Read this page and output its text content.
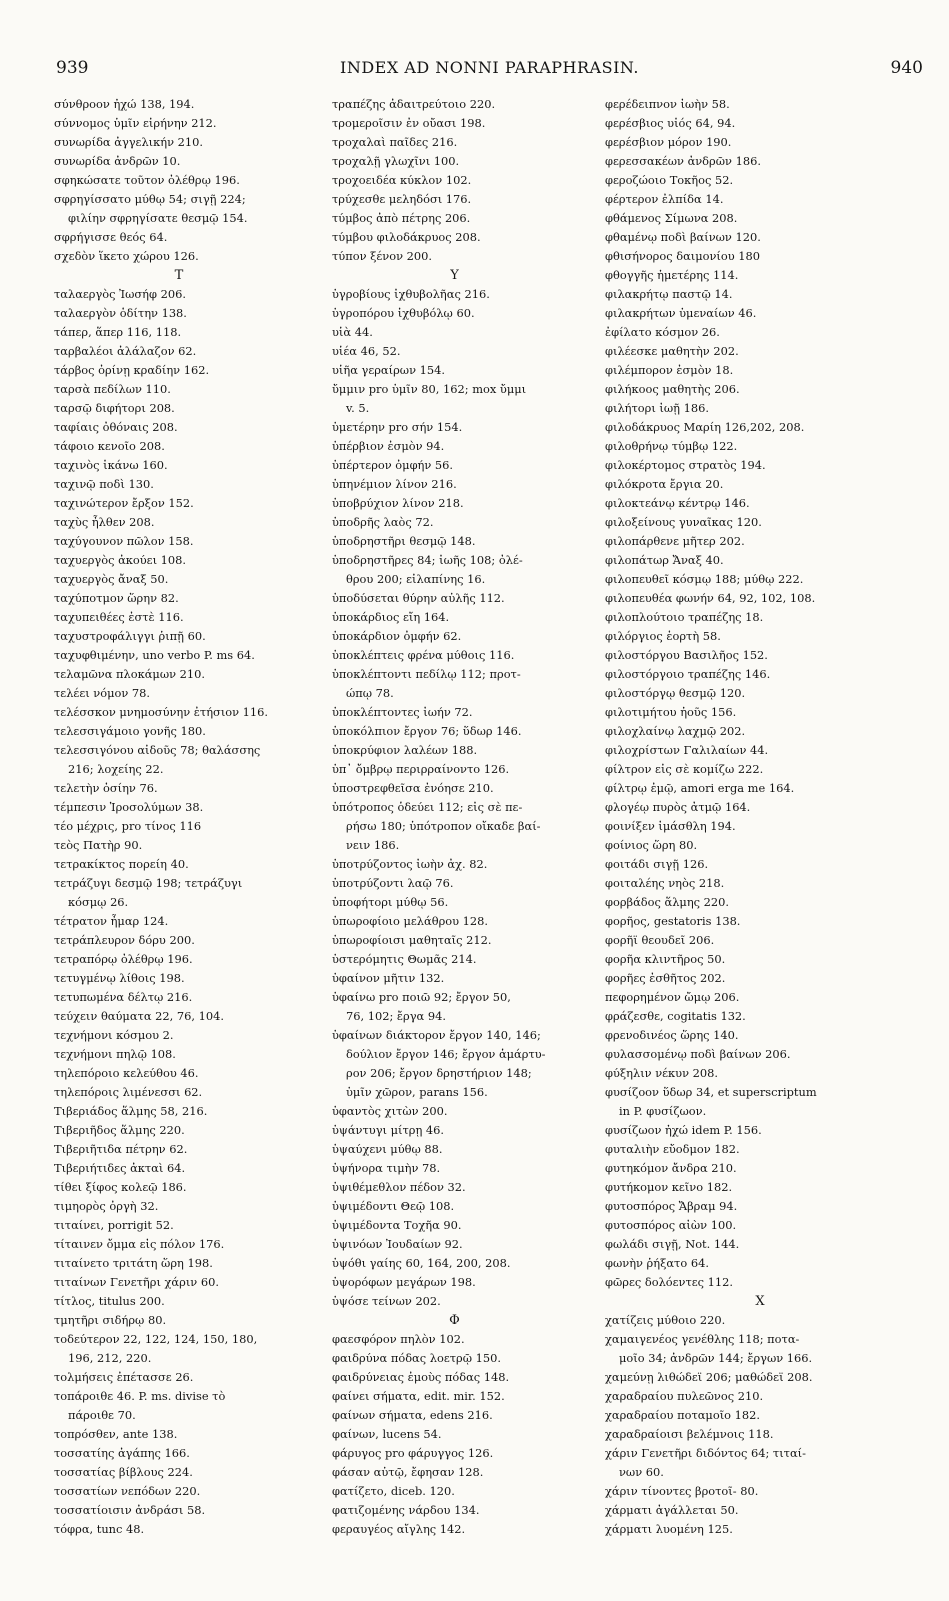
939	INDEX AD NONNI PARAPHRASIN.	940
σύνθροον ἠχώ 138, 194.
σύννομος ὑμῖν εἰρήνην 212.
συνωρίδα ἀγγελικήν 210.
συνωρίδα ἀνδρῶν 10.
σφηκώσατε τοῦτον ὀλέθρῳ 196.
σφρηγίσσατο μύθῳ 54; σιγῇ 224;
φιλίην σφρηγίσατε θεσμῷ 154.
σφρήγισσε θεός 64.
σχεδὸν ἵκετο χώρου 126.
T
ταλαεργὸς Ἰωσήφ 206.
ταλαεργὸν ὁδίτην 138.
τάπερ, ἅπερ 116, 118.
ταρβαλέοι ἀλάλαζον 62.
τάρβος ὀρίνῃ κραδίην 162.
ταρσὰ πεδίλων 110.
ταρσῷ διφήτορι 208.
ταφίαις ὀθόναις 208.
τάφοιο κενοῖο 208.
ταχινὸς ἱκάνω 160.
ταχινῷ ποδὶ 130.
ταχινώτερον ἔρξον 152.
ταχὺς ἦλθεν 208.
ταχύγουνον πῶλον 158.
ταχυεργὸς ἀκούει 108.
ταχυεργὸς ἄναξ 50.
ταχύποτμον ὥρην 82.
ταχυπειθέες ἐστὲ 116.
ταχυστροφάλιγγι ῥιπῇ 60.
ταχυφθιμένην, uno verbo P. ms 64.
τελαμῶνα πλοκάμων 210.
τελέει νόμον 78.
τελέσσκον μνημοσύνην ἐτήσιον 116.
τελεσσιγάμοιο γονῆς 180.
τελεσσιγόνου αἰδοῦς 78; θαλάσσης
216; λοχείης 22.
τελετὴν ὁσίην 76.
τέμπεσιν Ἱροσολύμων 38.
τέο μέχρις, pro τίνος 116
τεὸς Πατὴρ 90.
τετρακίκτος πορείη 40.
τετράζυγι δεσμῷ 198; τετράζυγι
κόσμῳ 26.
τέτρατον ἦμαρ 124.
τετράπλευρον δόρυ 200.
τετραπόρῳ ὀλέθρῳ 196.
τετυγμένῳ λίθοις 198.
τετυπωμένα δέλτῳ 216.
τεύχειν θαύματα 22, 76, 104.
τεχνήμονι κόσμου 2.
τεχνήμονι πηλῷ 108.
τηλεπόροιο κελεύθου 46.
τηλεπόροις λιμένεσσι 62.
Τιβεριάδος ἅλμης 58, 216.
Τιβεριῆδος ἅλμης 220.
Τιβεριῆτιδα πέτρην 62.
Τιβεριήτιδες ἀκταὶ 64.
τίθει ξίφος κολεῷ 186.
τιμηορὸς ὀργὴ 32.
τιταίνει, porrigit 52.
τίταινεν ὄμμα εἰς πόλον 176.
τιταίνετο τριτάτη ὥρη 198.
τιταίνων Γενετῆρι χάριν 60.
τίτλος, titulus 200.
τμητῆρι σιδήρῳ 80.
τοδεύτερον 22, 122, 124, 150, 180,
196, 212, 220.
τολμήσεις ἐπέτασσε 26.
τοπάροιθε 46. P. ms. divise τὸ
πάροιθε 70.
τοπρόσθεν, ante 138.
τοσσατίης ἀγάπης 166.
τοσσατίας βίβλους 224.
τοσσατίων νεπόδων 220.
τοσσατίοισιν ἀνδράσι 58.
τόφρα, tunc 48.
τραπέζης ἀδαιτρεύτοιο 220.
τρομεροῖσιν ἐν οὔασι 198.
τροχαλαὶ παῖδες 216.
τροχαλῇ γλωχῖνι 100.
τροχοειδέα κύκλον 102.
τρύχεσθε μεληδόσι 176.
τύμβος ἀπὸ πέτρης 206.
τύμβου φιλοδάκρυος 208.
τύπον ξένον 200.
Υ
ὑγροβίους ἰχθυβολῆας 216.
ὑγροπόρου ἰχθυβόλῳ 60.
υἱὰ 44.
υἱέα 46, 52.
υἱῆα γεραίρων 154.
ὔμμιν pro ὑμῖν 80, 162; mox ὔμμι
v. 5.
ὑμετέρην pro σήν 154.
ὑπέρβιον ἐσμὸν 94.
ὑπέρτερον ὀμφήν 56.
ὑπηνέμιον λίνον 216.
ὑποβρύχιον λίνον 218.
ὑποδρῆς λαὸς 72.
ὑποδρηστῆρι θεσμῷ 148.
ὑποδρηστῆρες 84; ἰωῆς 108; ὀλέ-
θρου 200; εἰλαπίνης 16.
ὑποδύσεται θύρην αὐλῆς 112.
ὑποκάρδιος εἴη 164.
ὑποκάρδιον ὀμφήν 62.
ὑποκλέπτεις φρένα μύθοις 116.
ὑποκλέπτοντι πεδίλῳ 112; προτ-
ώπῳ 78.
ὑποκλέπτοντες ἰωήν 72.
ὑποκόλπιον ἔργον 76; ὕδωρ 146.
ὑποκρύφιον λαλέων 188.
ὑπ᾽ ὄμβρῳ περιρραίνοντο 126.
ὑποστρεφθεῖσα ἐνόησε 210.
ὑπότροπος ὁδεύει 112; εἰς σὲ πε-
ρήσω 180; ὑπότροπον οἴκαδε βαί-
νειν 186.
ὑποτρύζοντος ἰωὴν ἀχ. 82.
ὑποτρύζοντι λαῷ 76.
ὑποφήτορι μύθῳ 56.
ὑπωροφίοιο μελάθρου 128.
ὑπωροφίοισι μαθηταῖς 212.
ὑστερόμητις Θωμᾶς 214.
ὑφαίνον μῆτιν 132.
ὑφαίνω pro ποιῶ 92; ἔργον 50,
76, 102; ἔργα 94.
ὑφαίνων διάκτορον ἔργον 140, 146;
δούλιον ἔργον 146; ἔργον ἁμάρτυ-
ρον 206; ἔργον δρηστήριον 148;
ὑμῖν χῶρον, parans 156.
ὑφαντὸς χιτὼν 200.
ὑψάντυγι μίτρῃ 46.
ὑψαύχενι μύθῳ 88.
ὑψήνορα τιμὴν 78.
ὑψιθέμεθλον πέδον 32.
ὑψιμέδοντι Θεῷ 108.
ὑψιμέδοντα Τοχῆα 90.
ὑψινόων Ἰουδαίων 92.
ὑψόθι γαίης 60, 164, 200, 208.
ὑψορόφων μεγάρων 198.
ὑψόσε τείνων 202.
Φ
φαεσφόρον πηλὸν 102.
φαιδρύνα πόδας λοετρῷ 150.
φαιδρύνειας ἐμοὺς πόδας 148.
φαίνει σήματα, edit. mir. 152.
φαίνων σήματα, edens 216.
φαίνων, lucens 54.
φάρυγος pro φάρυγγος 126.
φάσαν αὐτῷ, ἔφησαν 128.
φατίζετο, diceb. 120.
φατιζομένης νάρδου 134.
φεραυγέος αἴγλης 142.
φερέδειπνον ἰωὴν 58.
φερέσβιος υἱός 64, 94.
φερέσβιον μόρον 190.
φερεσσακέων ἀνδρῶν 186.
φεροζώοιο Τοκῆος 52.
φέρτερον ἐλπίδα 14.
φθάμενος Σίμωνα 208.
φθαμένῳ ποδὶ βαίνων 120.
φθισήνορος δαιμονίου 180
φθογγῆς ἡμετέρης 114.
φιλακρήτῳ παστῷ 14.
φιλακρήτων ὑμεναίων 46.
ἐφίλατο κόσμον 26.
φιλέεσκε μαθητὴν 202.
φιλέμπορον ἐσμὸν 18.
φιλήκοος μαθητὴς 206.
φιλήτορι ἰωῇ 186.
φιλοδάκρυος Μαρίη 126,202, 208.
φιλοθρήνῳ τύμβῳ 122.
φιλοκέρτομος στρατὸς 194.
φιλόκροτα ἔργια 20.
φιλοκτεάνῳ κέντρῳ 146.
φιλοξείνους γυναῖκας 120.
φιλοπάρθενε μῆτερ 202.
φιλοπάτωρ Ἄναξ 40.
φιλοπευθεῖ κόσμῳ 188; μύθῳ 222.
φιλοπευθέα φωνήν 64, 92, 102, 108.
φιλοπλούτοιο τραπέζης 18.
φιλόργιος ἑορτὴ 58.
φιλοστόργου Βασιλῆος 152.
φιλοστόργοιο τραπέζης 146.
φιλοστόργῳ θεσμῷ 120.
φιλοτιμήτου ἠοῦς 156.
φιλοχλαίνῳ λαχμῷ 202.
φιλοχρίστων Γαλιλαίων 44.
φίλτρον εἰς σὲ κομίζω 222.
φίλτρῳ ἐμῷ, amori erga me 164.
φλογέῳ πυρὸς ἀτμῷ 164.
φοινίξεν ἱμάσθλη 194.
φοίνιος ὥρη 80.
φοιτάδι σιγῇ 126.
φοιταλέης νηὸς 218.
φορβάδος ἅλμης 220.
φορῆος, gestatoris 138.
φορῆϊ θεουδεῖ 206.
φορῆα κλιντῆρος 50.
φορῆες ἐσθῆτος 202.
πεφορημένον ὤμῳ 206.
φράζεσθε, cogitatis 132.
φρενοδινέος ὥρης 140.
φυλασσομένῳ ποδὶ βαίνων 206.
φύξηλιν νέκυν 208.
φυσίζοον ὕδωρ 34, et superscriptum
in P. φυσίζωον.
φυσίζωον ἠχώ idem P. 156.
φυταλιὴν εὔοδμον 182.
φυτηκόμον ἄνδρα 210.
φυτήκομον κεῖνο 182.
φυτοσπόρος Ἄβραμ 94.
φυτοσπόρος αἰὼν 100.
φωλάδι σιγῇ, Not. 144.
φωνὴν ῥήξατο 64.
φῶρες δολόεντες 112.
X
χατίζεις μύθοιο 220.
χαμαιγενέος γενέθλης 118; ποτα-
μοῖο 34; ἀνδρῶν 144; ἔργων 166.
χαμεύνῃ λιθώδεϊ 206; μαθώδεϊ 208.
χαραδραίου πυλεῶνος 210.
χαραδραίου ποταμοῖο 182.
χαραδραίοισι βελέμνοις 118.
χάριν Γενετῆρι διδόντος 64; τιταί-
νων 60.
χάριν τίνοντες βροτοῖ- 80.
χάρματι ἀγάλλεται 50.
χάρματι λυομένη 125.
